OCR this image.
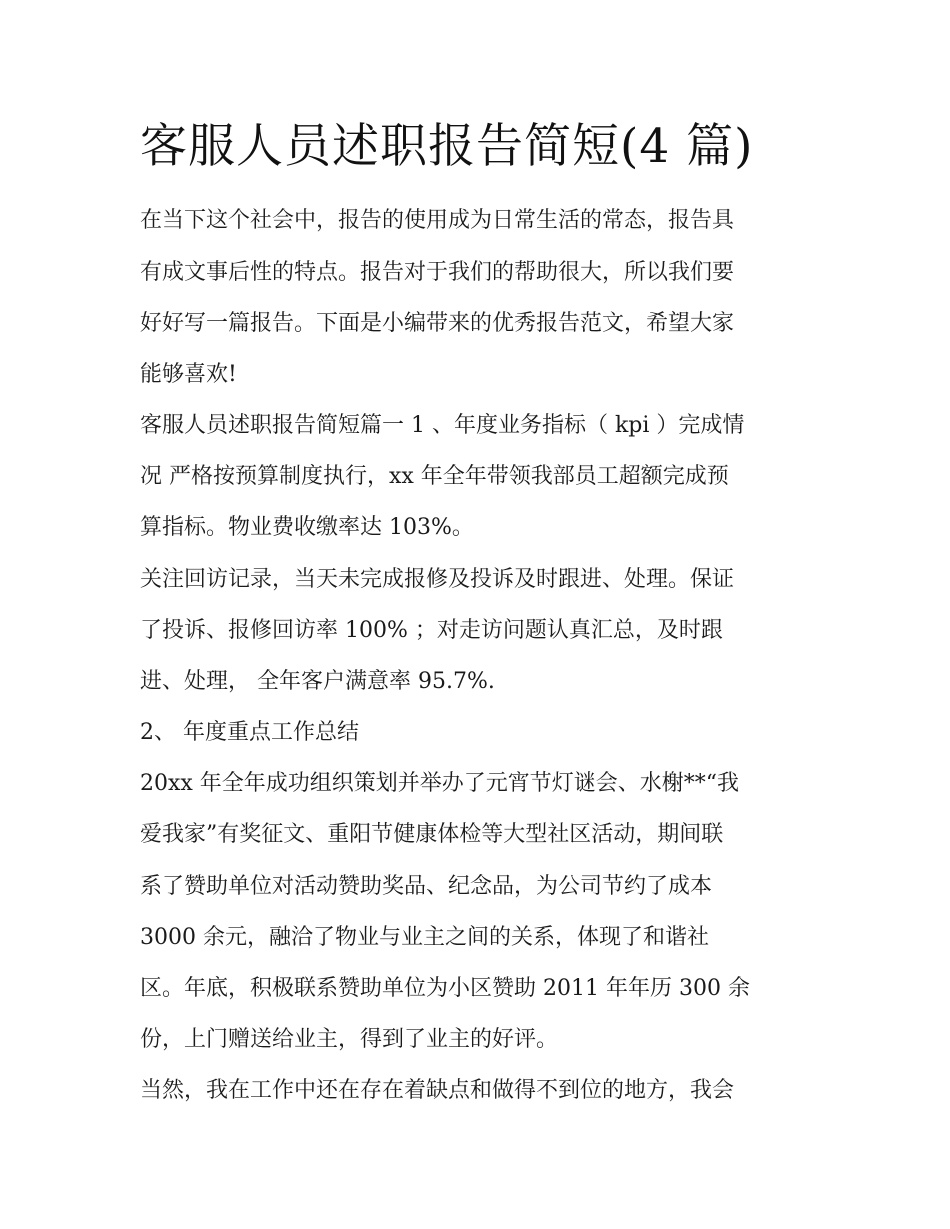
客服人员述职报告简短(4 篇)

在当下这个社会中，报告的使用成为日常生活的常态，报告具

有成文事后性的特点。报告对于我们的帮助很大，所以我们要

好好写一篇报告。下面是小编带来的优秀报告范文，希望大家

能够喜欢!

客服人员述职报告简短篇一 1 、年度业务指标（ kpi ）完成情

况 严格按预算制度执行，xx 年全年带领我部员工超额完成预

算指标。物业费收缴率达 103%。

关注回访记录，当天未完成报修及投诉及时跟进、处理。保证

了投诉、报修回访率 100% ；对走访问题认真汇总，及时跟

进、处理， 全年客户满意率 95.7%.

2、 年度重点工作总结

20xx 年全年成功组织策划并举办了元宵节灯谜会、水榭**“我

爱我家”有奖征文、重阳节健康体检等大型社区活动，期间联

系了赞助单位对活动赞助奖品、纪念品，为公司节约了成本

3000 余元，融洽了物业与业主之间的关系，体现了和谐社

区。年底，积极联系赞助单位为小区赞助 2011 年年历 300 余

份，上门赠送给业主，得到了业主的好评。

当然，我在工作中还在存在着缺点和做得不到位的地方，我会
